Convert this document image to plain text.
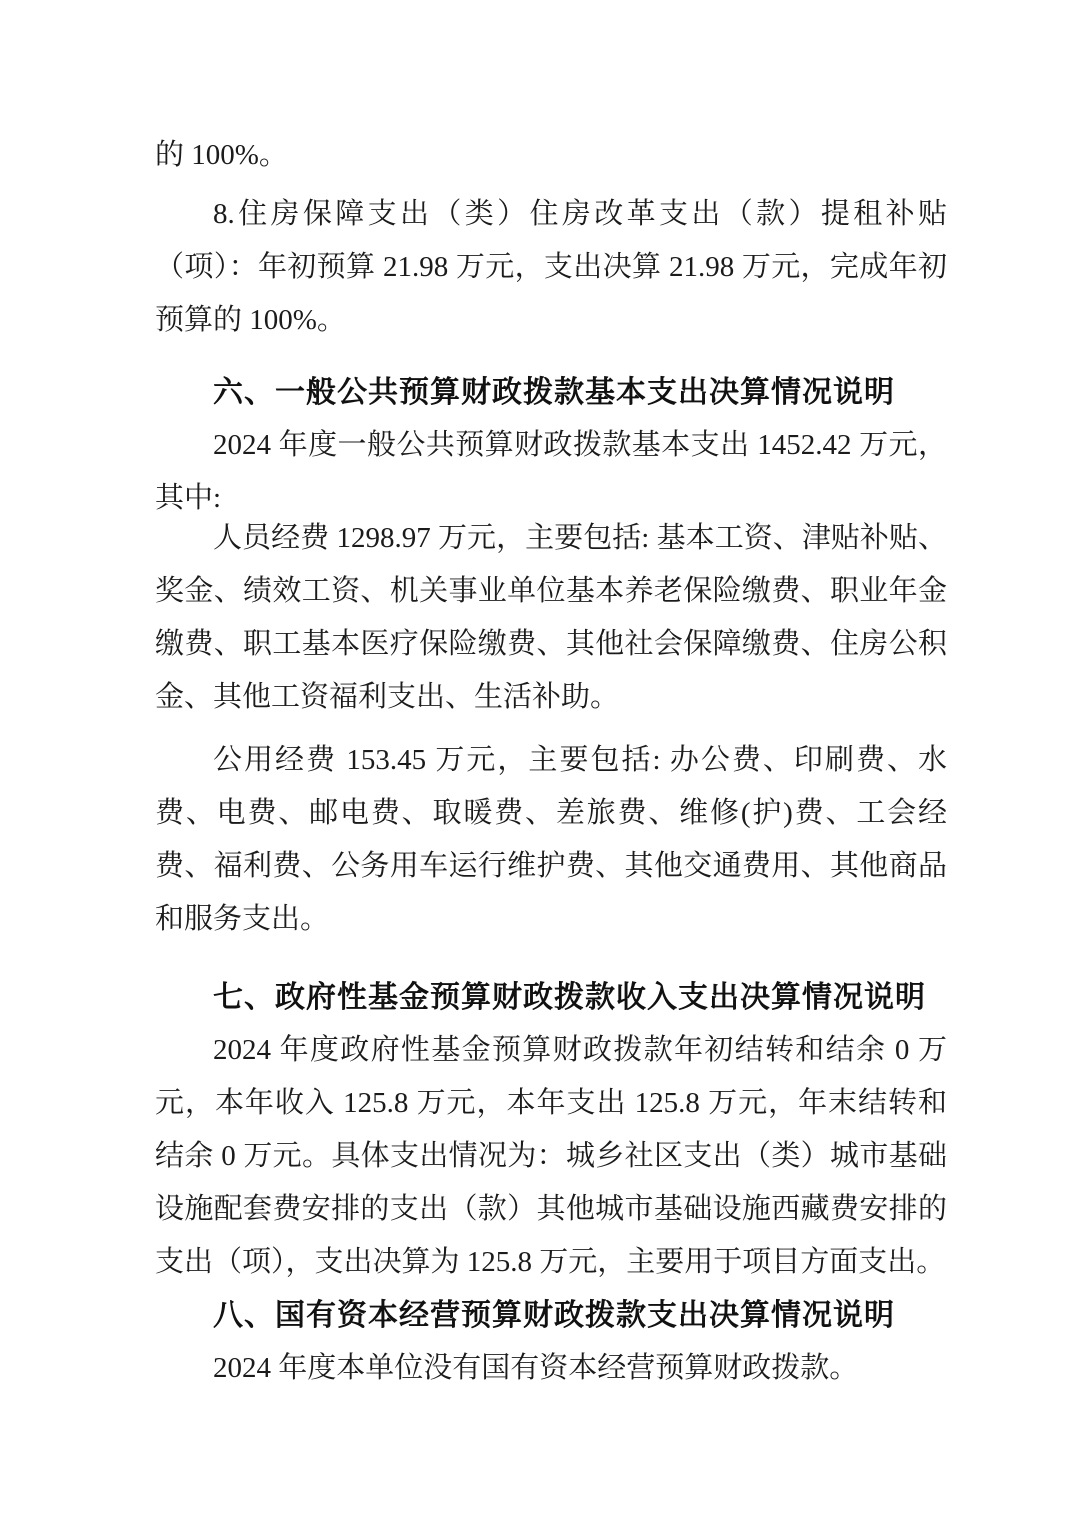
的 100%。

8.住房保障支出（类）住房改革支出（款）提租补贴（项）：年初预算 21.98 万元，支出决算 21.98 万元，完成年初预算的 100%。

六、一般公共预算财政拨款基本支出决算情况说明

2024 年度一般公共预算财政拨款基本支出 1452.42 万元，其中:

人员经费 1298.97 万元，主要包括: 基本工资、津贴补贴、奖金、绩效工资、机关事业单位基本养老保险缴费、职业年金缴费、职工基本医疗保险缴费、其他社会保障缴费、住房公积金、其他工资福利支出、生活补助。

公用经费 153.45 万元，主要包括: 办公费、印刷费、水费、电费、邮电费、取暖费、差旅费、维修(护)费、工会经费、福利费、公务用车运行维护费、其他交通费用、其他商品和服务支出。

七、政府性基金预算财政拨款收入支出决算情况说明

2024 年度政府性基金预算财政拨款年初结转和结余 0 万元，本年收入 125.8 万元，本年支出 125.8 万元，年末结转和结余 0 万元。具体支出情况为：城乡社区支出（类）城市基础设施配套费安排的支出（款）其他城市基础设施西藏费安排的支出（项），支出决算为 125.8 万元，主要用于项目方面支出。

八、国有资本经营预算财政拨款支出决算情况说明

2024 年度本单位没有国有资本经营预算财政拨款。
